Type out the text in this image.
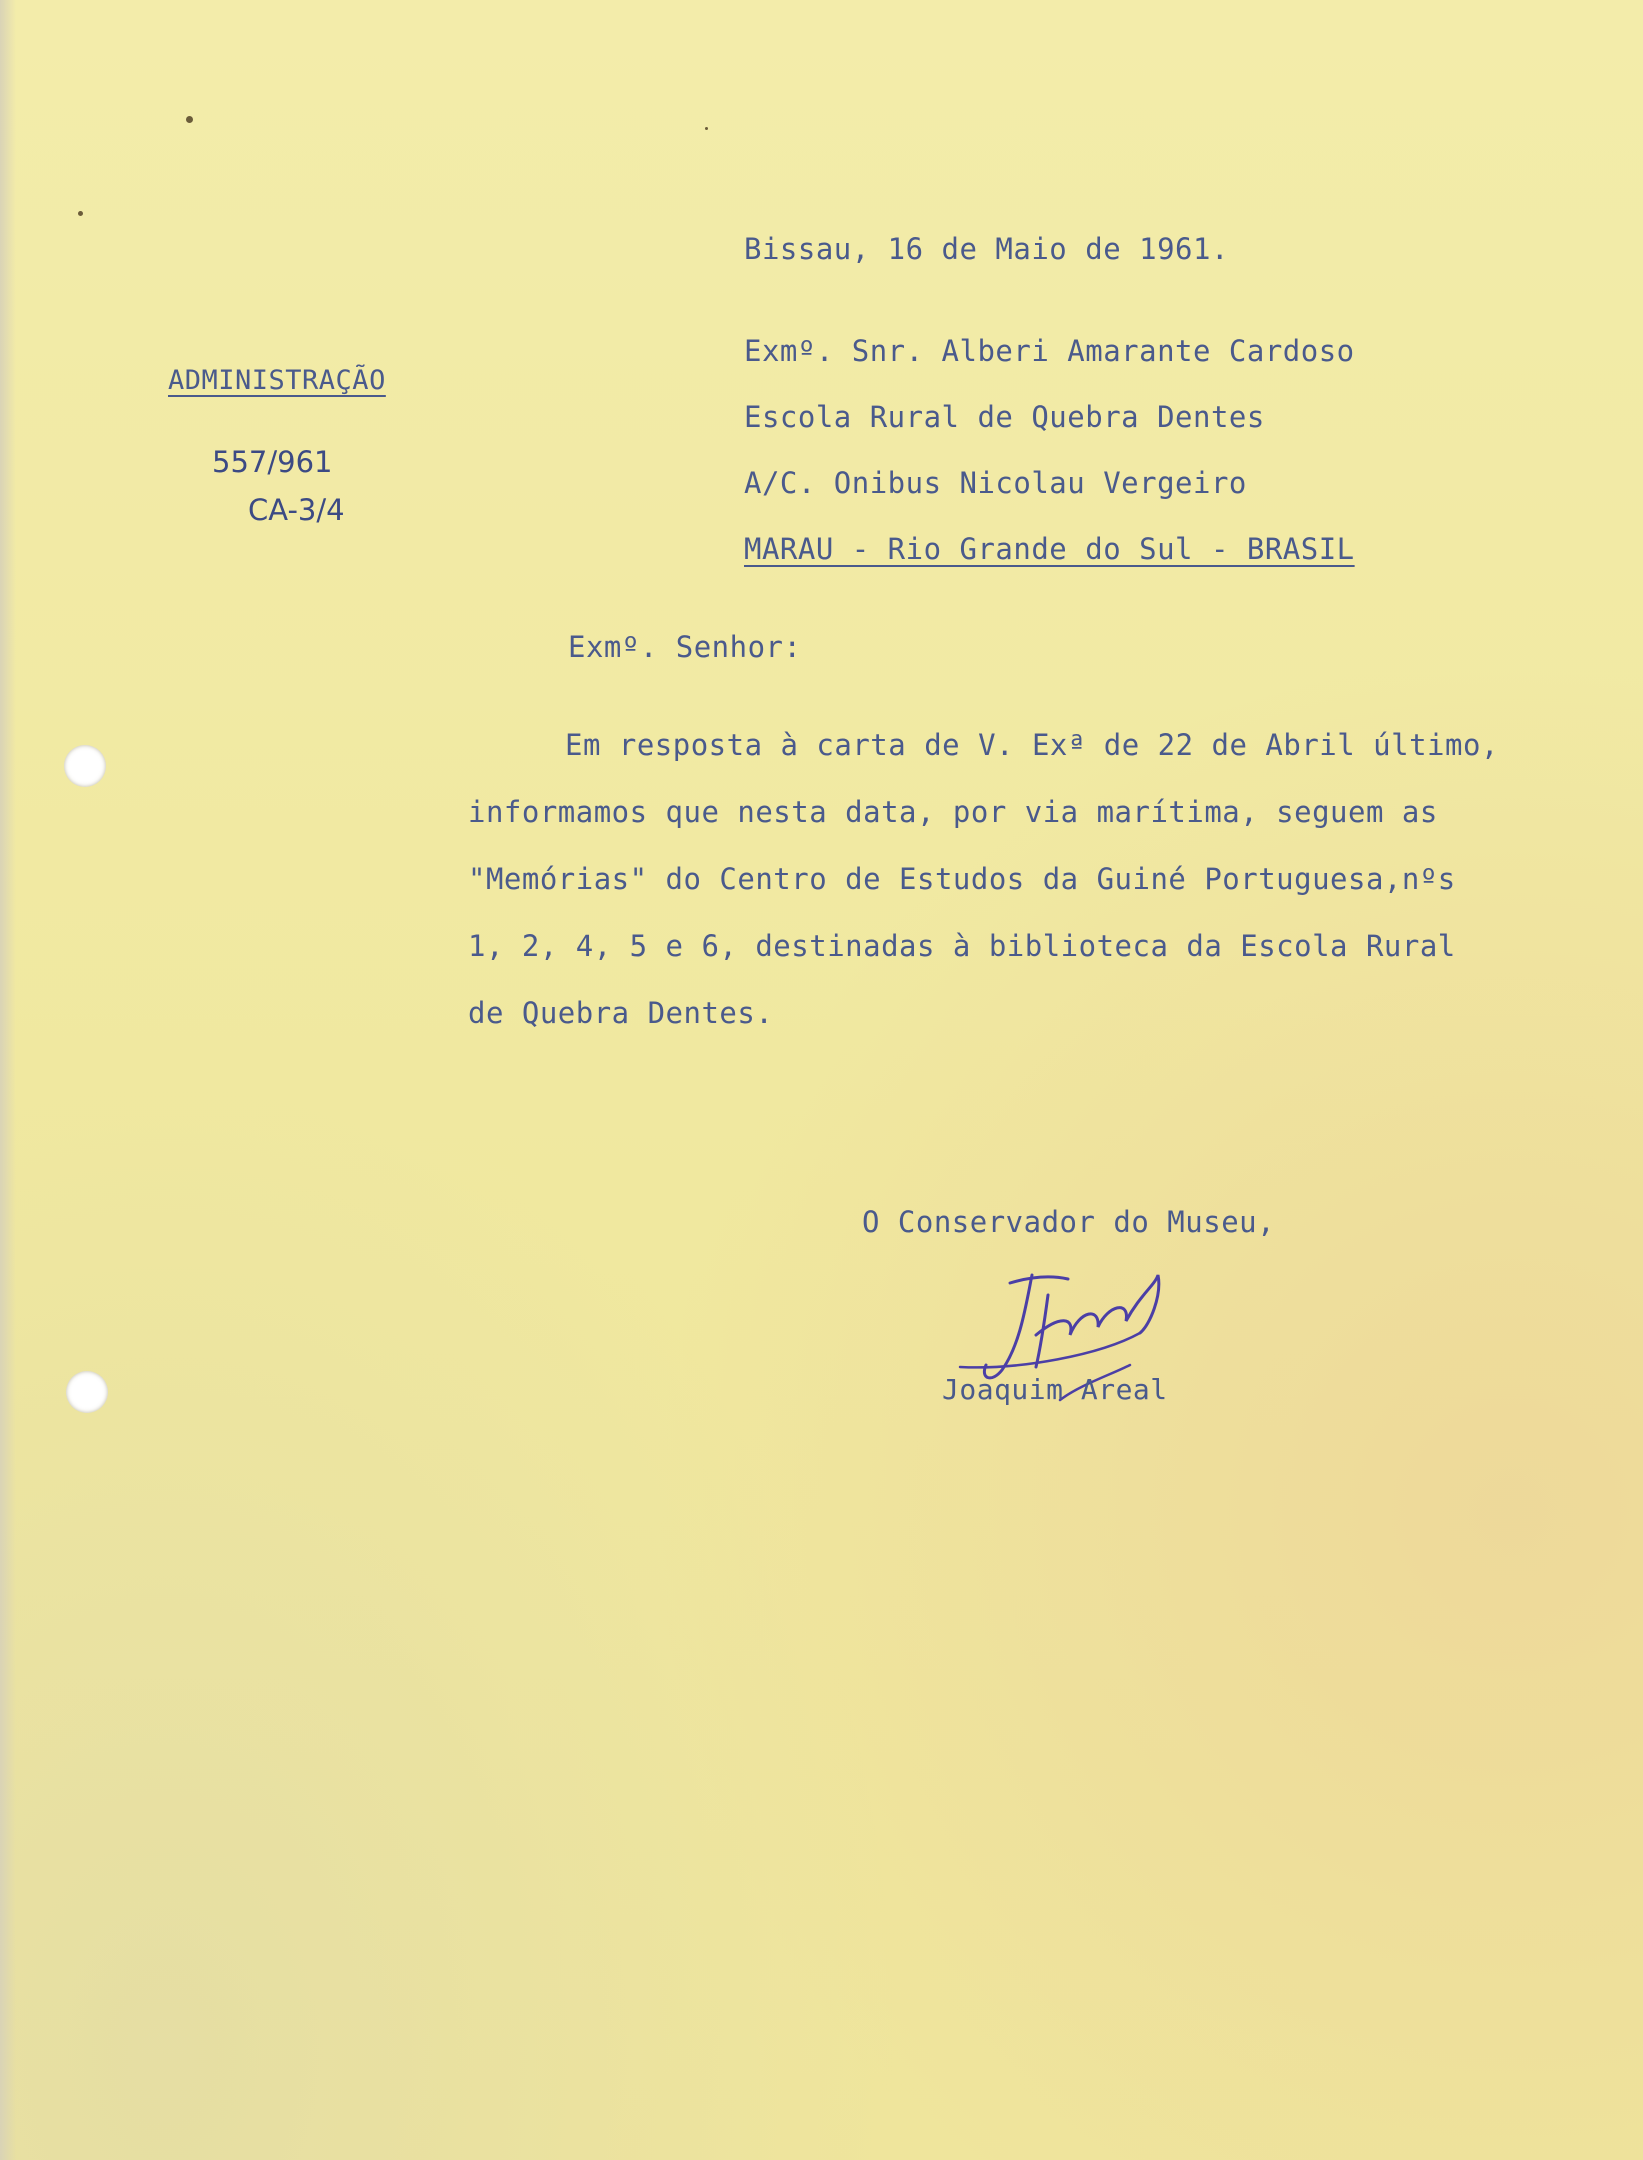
Bissau, 16 de Maio de 1961.
ADMINISTRAÇÃO
557/961
CA-3/4
Exmº. Snr. Alberi Amarante Cardoso
Escola Rural de Quebra Dentes
A/C. Onibus Nicolau Vergeiro
MARAU - Rio Grande do Sul - BRASIL
Exmº. Senhor:
Em resposta à carta de V. Exª de 22 de Abril último,
informamos que nesta data, por via marítima, seguem as
"Memórias" do Centro de Estudos da Guiné Portuguesa,nºs
1, 2, 4, 5 e 6, destinadas à biblioteca da Escola Rural
de Quebra Dentes.
O Conservador do Museu,
Joaquim Areal
